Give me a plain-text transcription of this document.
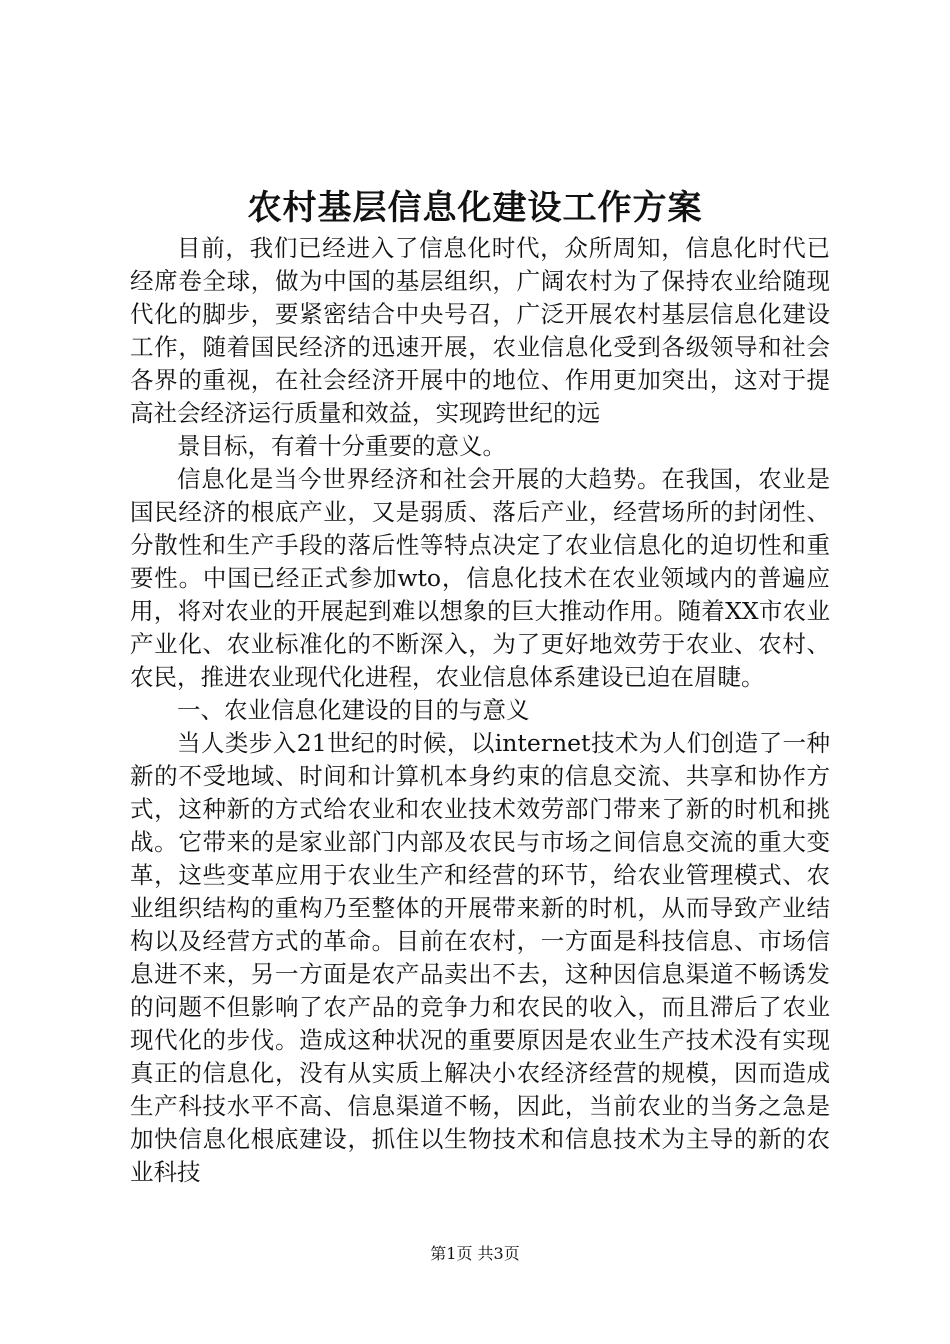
农村基层信息化建设工作方案

目前，我们已经进入了信息化时代，众所周知，信息化时代已经席卷全球，做为中国的基层组织，广阔农村为了保持农业给随现代化的脚步，要紧密结合中央号召，广泛开展农村基层信息化建设工作，随着国民经济的迅速开展，农业信息化受到各级领导和社会各界的重视，在社会经济开展中的地位、作用更加突出，这对于提高社会经济运行质量和效益，实现跨世纪的远

景目标，有着十分重要的意义。

信息化是当今世界经济和社会开展的大趋势。在我国，农业是国民经济的根底产业，又是弱质、落后产业，经营场所的封闭性、分散性和生产手段的落后性等特点决定了农业信息化的迫切性和重要性。中国已经正式参加wto，信息化技术在农业领域内的普遍应用，将对农业的开展起到难以想象的巨大推动作用。随着XX市农业产业化、农业标准化的不断深入，为了更好地效劳于农业、农村、农民，推进农业现代化进程，农业信息体系建设已迫在眉睫。

一、农业信息化建设的目的与意义

当人类步入21世纪的时候，以internet技术为人们创造了一种新的不受地域、时间和计算机本身约束的信息交流、共享和协作方式，这种新的方式给农业和农业技术效劳部门带来了新的时机和挑战。它带来的是家业部门内部及农民与市场之间信息交流的重大变革，这些变革应用于农业生产和经营的环节，给农业管理模式、农业组织结构的重构乃至整体的开展带来新的时机，从而导致产业结构以及经营方式的革命。目前在农村，一方面是科技信息、市场信息进不来，另一方面是农产品卖出不去，这种因信息渠道不畅诱发的问题不但影响了农产品的竞争力和农民的收入，而且滞后了农业现代化的步伐。造成这种状况的重要原因是农业生产技术没有实现真正的信息化，没有从实质上解决小农经济经营的规模，因而造成生产科技水平不高、信息渠道不畅，因此，当前农业的当务之急是加快信息化根底建设，抓住以生物技术和信息技术为主导的新的农业科技

第1页 共3页
